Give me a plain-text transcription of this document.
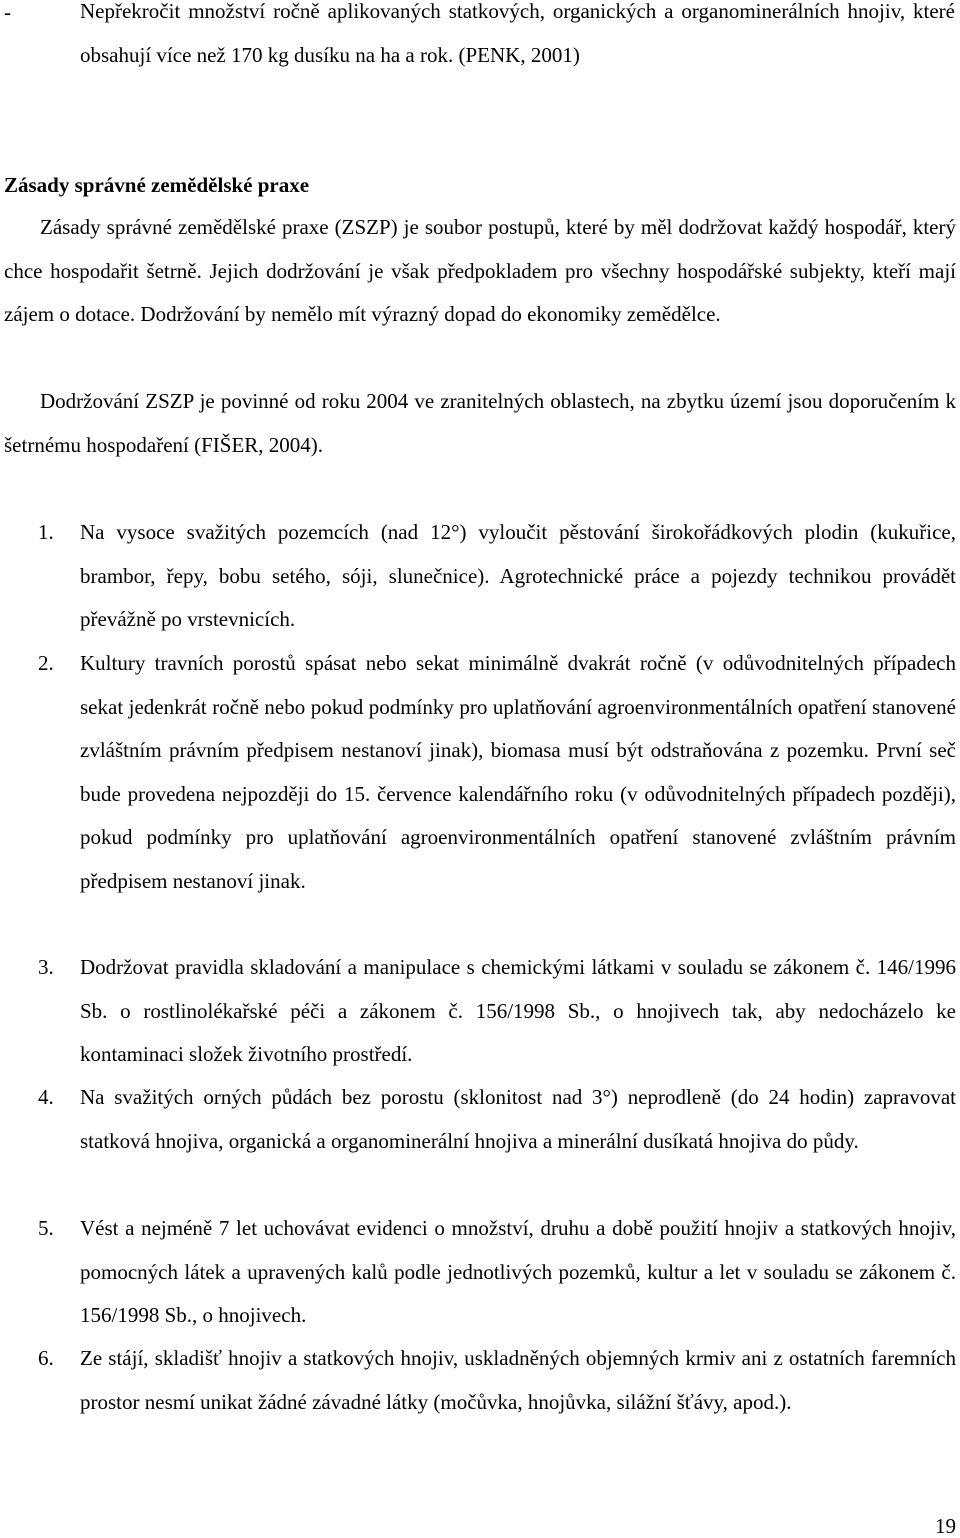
-	Nepřekročit množství ročně aplikovaných statkových, organických a organominerálních hnojiv, které obsahují více než 170 kg dusíku na ha a rok. (PENK, 2001)

Zásady správné zemědělské praxe

Zásady správné zemědělské praxe (ZSZP) je soubor postupů, které by měl dodržovat každý hospodář, který chce hospodařit šetrně. Jejich dodržování je však předpokladem pro všechny hospodářské subjekty, kteří mají zájem o dotace. Dodržování by nemělo mít výrazný dopad do ekonomiky zemědělce.

Dodržování ZSZP je povinné od roku 2004 ve zranitelných oblastech, na zbytku území jsou doporučením k šetrnému hospodaření (FIŠER, 2004).

1. Na vysoce svažitých pozemcích (nad 12°) vyloučit pěstování širokořádkových plodin (kukuřice, brambor, řepy, bobu setého, sóji, slunečnice). Agrotechnické práce a pojezdy technikou provádět převážně po vrstevnicích.

2. Kultury travních porostů spásat nebo sekat minimálně dvakrát ročně (v odůvodnitelných případech sekat jedenkrát ročně nebo pokud podmínky pro uplatňování agroenvironmentálních opatření stanovené zvláštním právním předpisem nestanoví jinak), biomasa musí být odstraňována z pozemku. První seč bude provedena nejpozději do 15. července kalendářního roku (v odůvodnitelných případech později), pokud podmínky pro uplatňování agroenvironmentálních opatření stanovené zvláštním právním předpisem nestanoví jinak.

3. Dodržovat pravidla skladování a manipulace s chemickými látkami v souladu se zákonem č. 146/1996 Sb. o rostlinolékařské péči a zákonem č. 156/1998 Sb., o hnojivech tak, aby nedocházelo ke kontaminaci složek životního prostředí.

4. Na svažitých orných půdách bez porostu (sklonitost nad 3°) neprodleně (do 24 hodin) zapravovat statková hnojiva, organická a organominerální hnojiva a minerální dusíkatá hnojiva do půdy.

5. Vést a nejméně 7 let uchovávat evidenci o množství, druhu a době použití hnojiv a statkových hnojiv, pomocných látek a upravených kalů podle jednotlivých pozemků, kultur a let v souladu se zákonem č. 156/1998 Sb., o hnojivech.

6. Ze stájí, skladišť hnojiv a statkových hnojiv, uskladněných objemných krmiv ani z ostatních faremních prostor nesmí unikat žádné závadné látky (močůvka, hnojůvka, silážní šťávy, apod.).

19
